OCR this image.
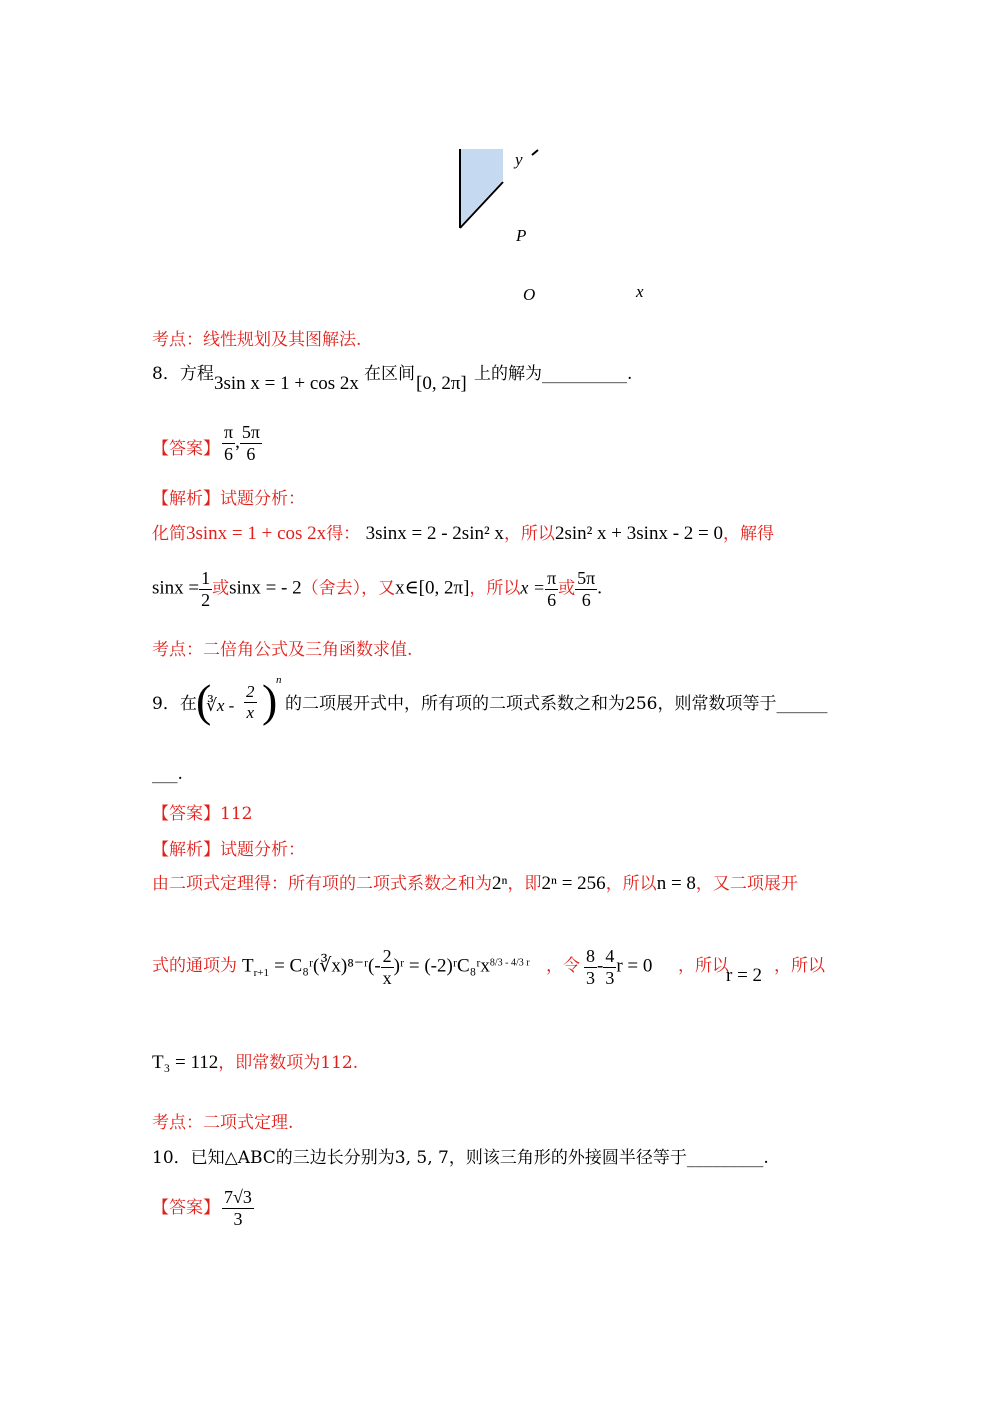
y
P
O	x
考点：线性规划及其图解法.
8．方程 3sin x = 1 + cos 2x 在区间 [0, 2π] 上的解为__________.
【答案】 $\frac{\pi}{6}$ , $\frac{5\pi}{6}$
【解析】试题分析：
化简3sinx = 1 + cos 2x得： 3sinx = 2 - 2sin² x，所以2sin² x + 3sinx - 2 = 0，解得
$\sin x = \frac{1}{2}$ 或sinx = - 2（舍去），又x∈[0, 2π]，所以$x = \frac{\pi}{6}$ 或 $\frac{5\pi}{6}$ .
考点：二倍角公式及三角函数求值.
9．在 (
∛x - $\frac{2}{x}$ )
n
的二项展开式中，所有项的二项式系数之和为256，则常数项等于______
___.
【答案】112
【解析】试题分析：
由二项式定理得：所有项的二项式系数之和为2ⁿ，即2ⁿ = 256，所以n = 8，又二项展开
式的通项为 $T_{r+1}$ = C₈ʳ(∛x)⁸⁻ʳ(- $\frac{2}{x}$ )ʳ = (-2)ʳC₈ʳx$^{8/3 - 4/3 r}$ ，令 $\frac{8}{3} - \frac{4}{3}$ r = 0 ，所以
r = 2 ，所以
T₃ = 112，即常数项为112.
考点：二项式定理.
10．已知△ABC的三边长分别为3, 5, 7，则该三角形的外接圆半径等于_________.
【答案】 $\frac{7√3}{3}$
